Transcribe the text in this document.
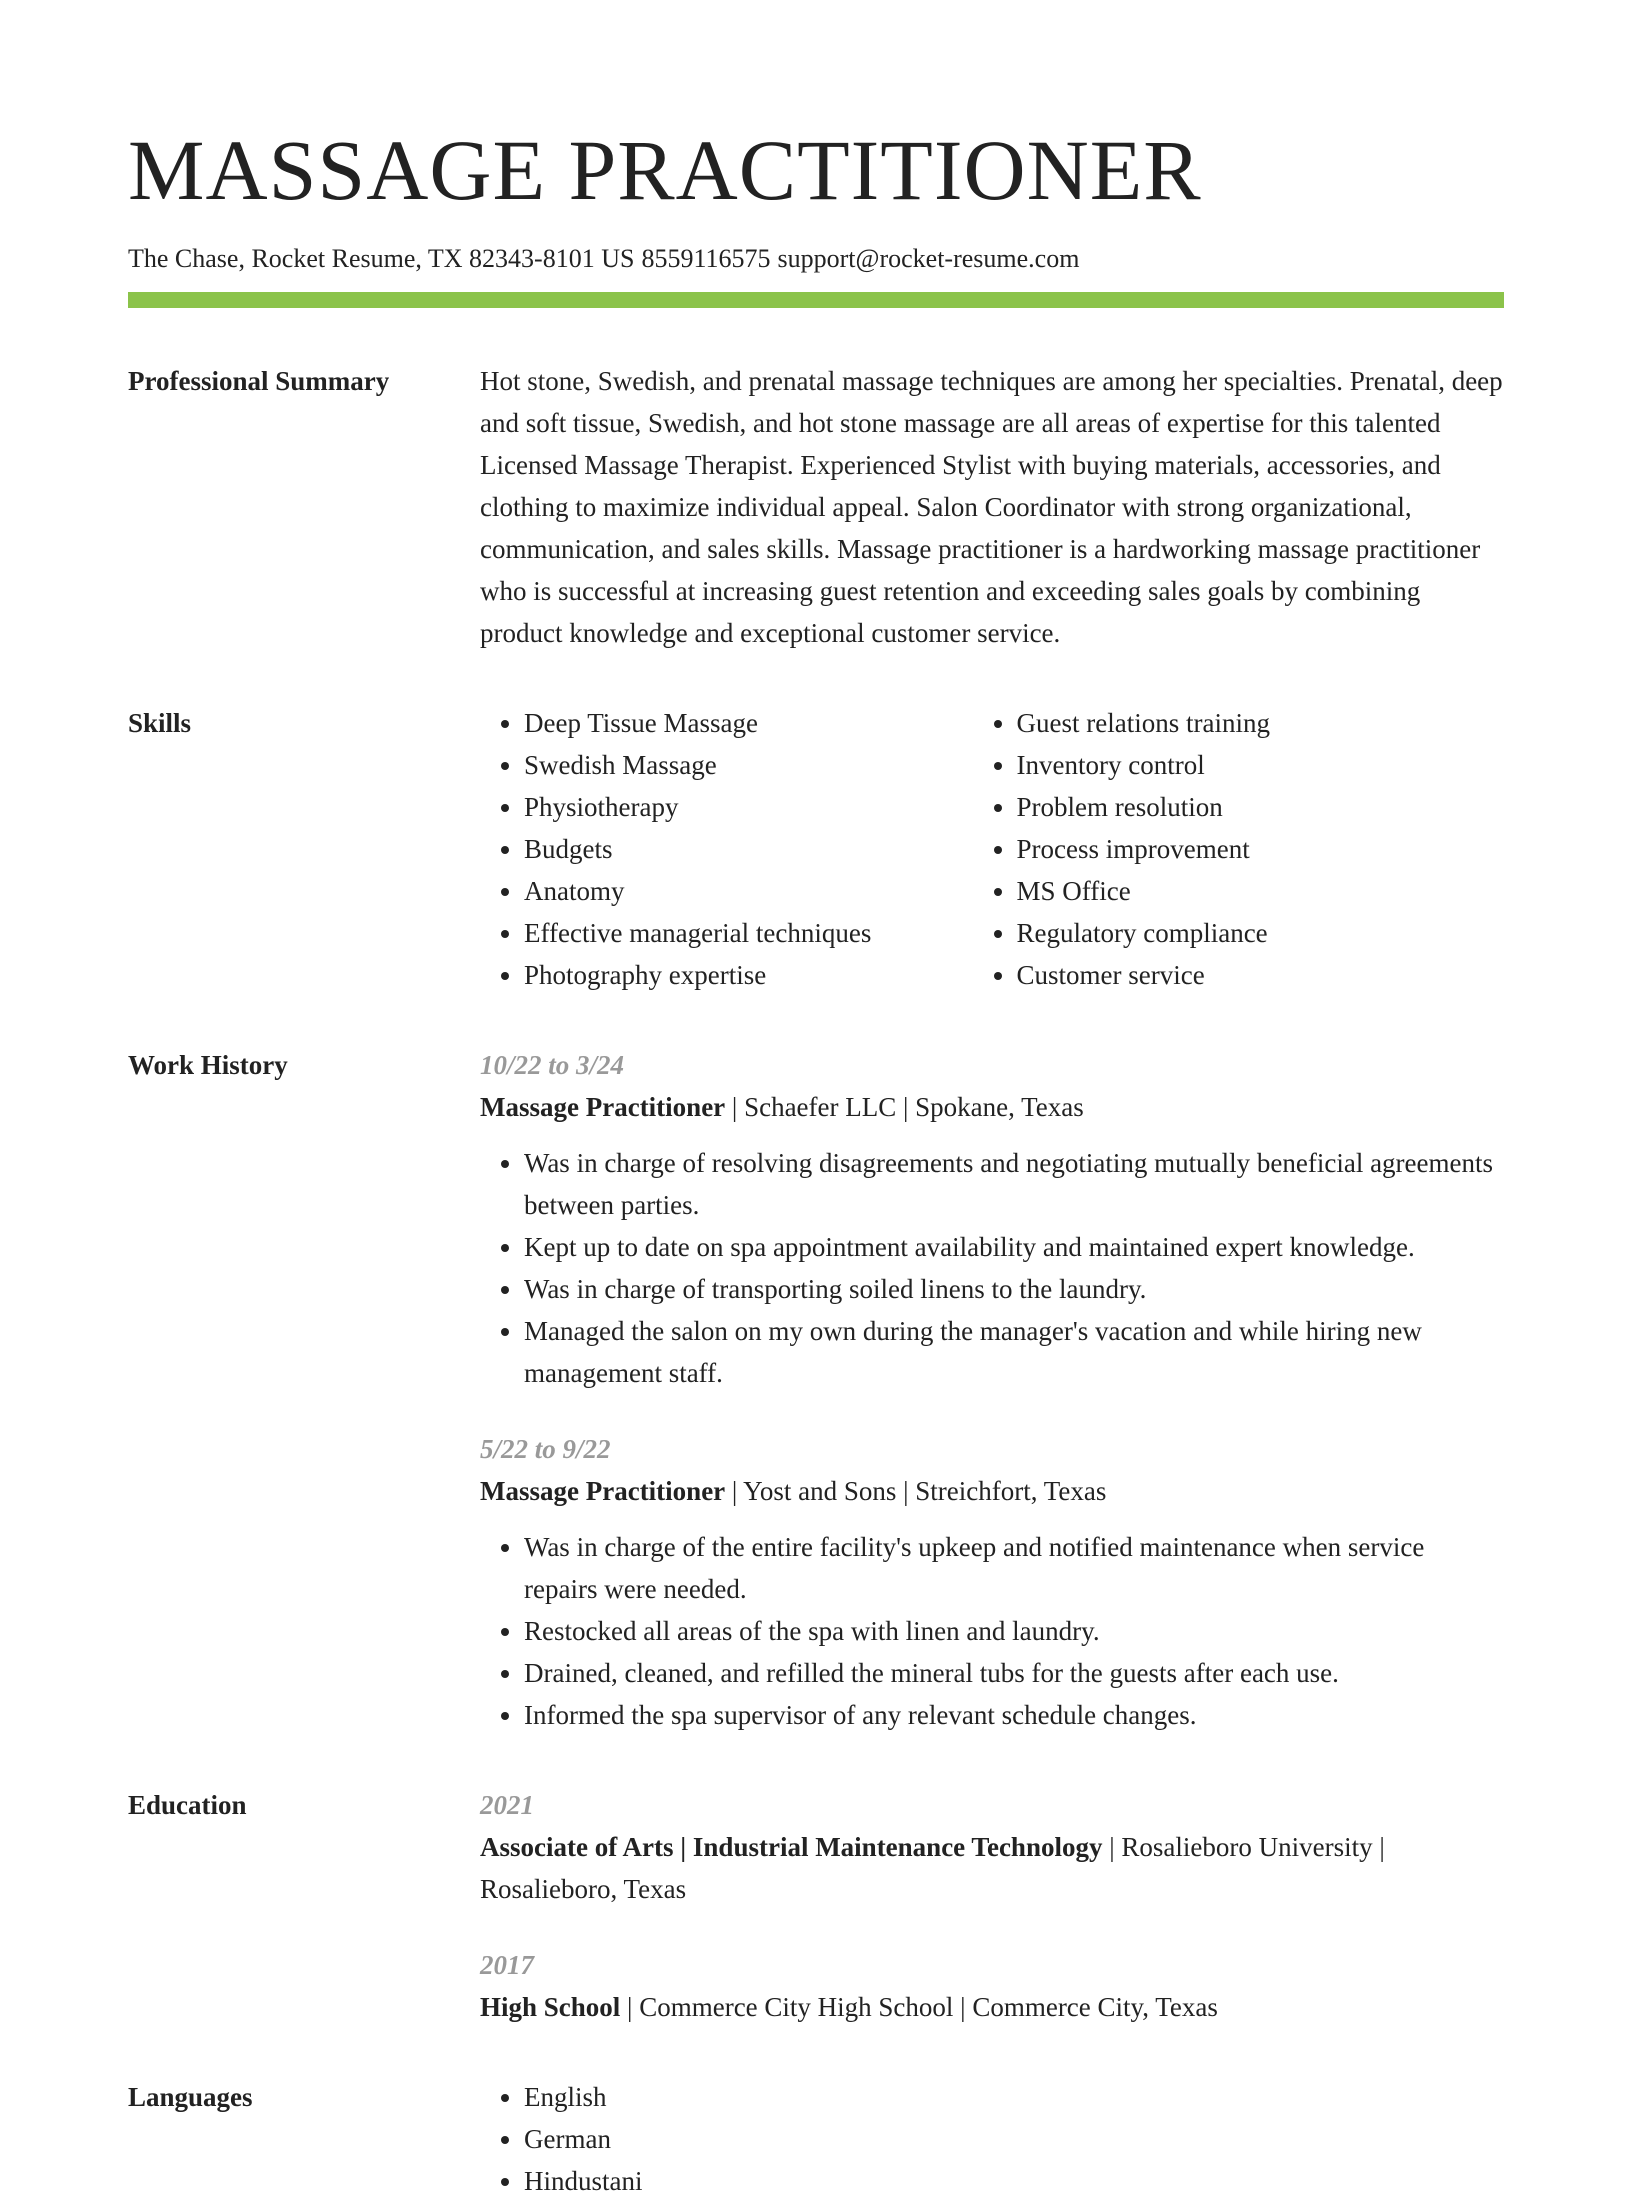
MASSAGE PRACTITIONER
The Chase, Rocket Resume, TX 82343-8101 US 8559116575 support@rocket-resume.com
Professional Summary	Hot stone, Swedish, and prenatal massage techniques are among her specialties. Prenatal, deep and soft tissue, Swedish, and hot stone massage are all areas of expertise for this talented Licensed Massage Therapist. Experienced Stylist with buying materials, accessories, and clothing to maximize individual appeal. Salon Coordinator with strong organizational, communication, and sales skills. Massage practitioner is a hardworking massage practitioner who is successful at increasing guest retention and exceeding sales goals by combining product knowledge and exceptional customer service.

Skills	• Deep Tissue Massage
• Swedish Massage
• Physiotherapy
• Budgets
• Anatomy
• Effective managerial techniques
• Photography expertise
• Guest relations training
• Inventory control
• Problem resolution
• Process improvement
• MS Office
• Regulatory compliance
• Customer service
Work History	10/22 to 3/24
Massage Practitioner | Schaefer LLC | Spokane, Texas
• Was in charge of resolving disagreements and negotiating mutually beneficial agreements between parties.
• Kept up to date on spa appointment availability and maintained expert knowledge.
• Was in charge of transporting soiled linens to the laundry.
• Managed the salon on my own during the manager's vacation and while hiring new management staff.
5/22 to 9/22
Massage Practitioner | Yost and Sons | Streichfort, Texas
• Was in charge of the entire facility's upkeep and notified maintenance when service repairs were needed.
• Restocked all areas of the spa with linen and laundry.
• Drained, cleaned, and refilled the mineral tubs for the guests after each use.
• Informed the spa supervisor of any relevant schedule changes.
Education	2021
Associate of Arts | Industrial Maintenance Technology | Rosalieboro University | Rosalieboro, Texas
2017
High School | Commerce City High School | Commerce City, Texas
Languages	• English
• German
• Hindustani
